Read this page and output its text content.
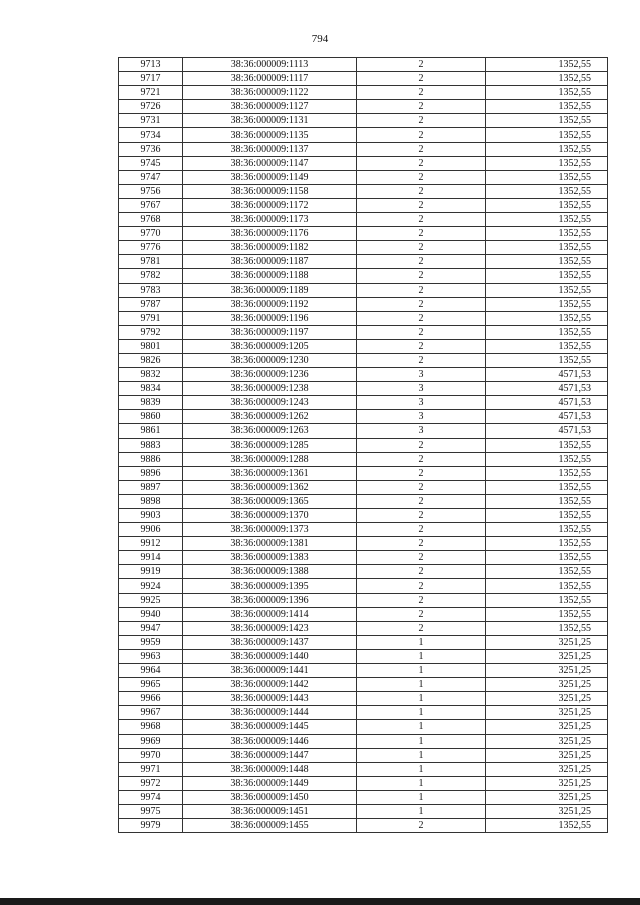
794
9713	38:36:000009:1113	2	1352,55
9717	38:36:000009:1117	2	1352,55
9721	38:36:000009:1122	2	1352,55
9726	38:36:000009:1127	2	1352,55
9731	38:36:000009:1131	2	1352,55
9734	38:36:000009:1135	2	1352,55
9736	38:36:000009:1137	2	1352,55
9745	38:36:000009:1147	2	1352,55
9747	38:36:000009:1149	2	1352,55
9756	38:36:000009:1158	2	1352,55
9767	38:36:000009:1172	2	1352,55
9768	38:36:000009:1173	2	1352,55
9770	38:36:000009:1176	2	1352,55
9776	38:36:000009:1182	2	1352,55
9781	38:36:000009:1187	2	1352,55
9782	38:36:000009:1188	2	1352,55
9783	38:36:000009:1189	2	1352,55
9787	38:36:000009:1192	2	1352,55
9791	38:36:000009:1196	2	1352,55
9792	38:36:000009:1197	2	1352,55
9801	38:36:000009:1205	2	1352,55
9826	38:36:000009:1230	2	1352,55
9832	38:36:000009:1236	3	4571,53
9834	38:36:000009:1238	3	4571,53
9839	38:36:000009:1243	3	4571,53
9860	38:36:000009:1262	3	4571,53
9861	38:36:000009:1263	3	4571,53
9883	38:36:000009:1285	2	1352,55
9886	38:36:000009:1288	2	1352,55
9896	38:36:000009:1361	2	1352,55
9897	38:36:000009:1362	2	1352,55
9898	38:36:000009:1365	2	1352,55
9903	38:36:000009:1370	2	1352,55
9906	38:36:000009:1373	2	1352,55
9912	38:36:000009:1381	2	1352,55
9914	38:36:000009:1383	2	1352,55
9919	38:36:000009:1388	2	1352,55
9924	38:36:000009:1395	2	1352,55
9925	38:36:000009:1396	2	1352,55
9940	38:36:000009:1414	2	1352,55
9947	38:36:000009:1423	2	1352,55
9959	38:36:000009:1437	1	3251,25
9963	38:36:000009:1440	1	3251,25
9964	38:36:000009:1441	1	3251,25
9965	38:36:000009:1442	1	3251,25
9966	38:36:000009:1443	1	3251,25
9967	38:36:000009:1444	1	3251,25
9968	38:36:000009:1445	1	3251,25
9969	38:36:000009:1446	1	3251,25
9970	38:36:000009:1447	1	3251,25
9971	38:36:000009:1448	1	3251,25
9972	38:36:000009:1449	1	3251,25
9974	38:36:000009:1450	1	3251,25
9975	38:36:000009:1451	1	3251,25
9979	38:36:000009:1455	2	1352,55
